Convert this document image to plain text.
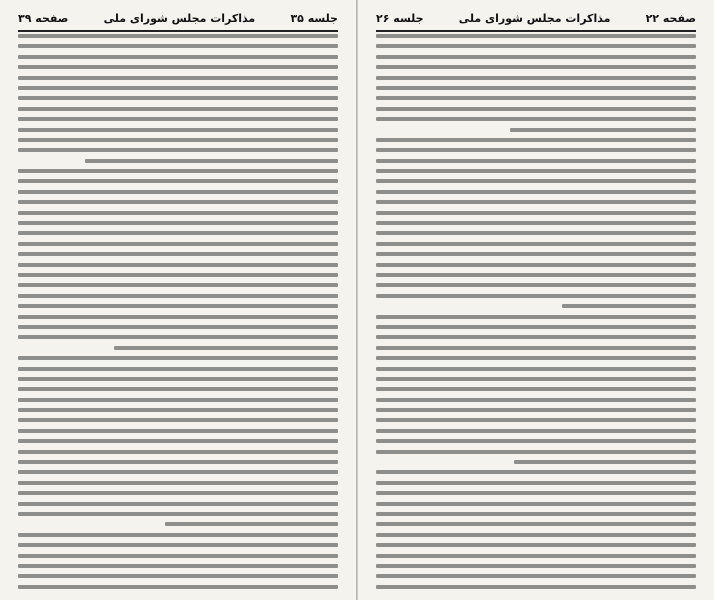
جلسه ۳۵
مذاکرات مجلس شورای ملی
صفحه ۳۹	صفحه ۲۲
مذاکرات مجلس شورای ملی
جلسه ۲۶
